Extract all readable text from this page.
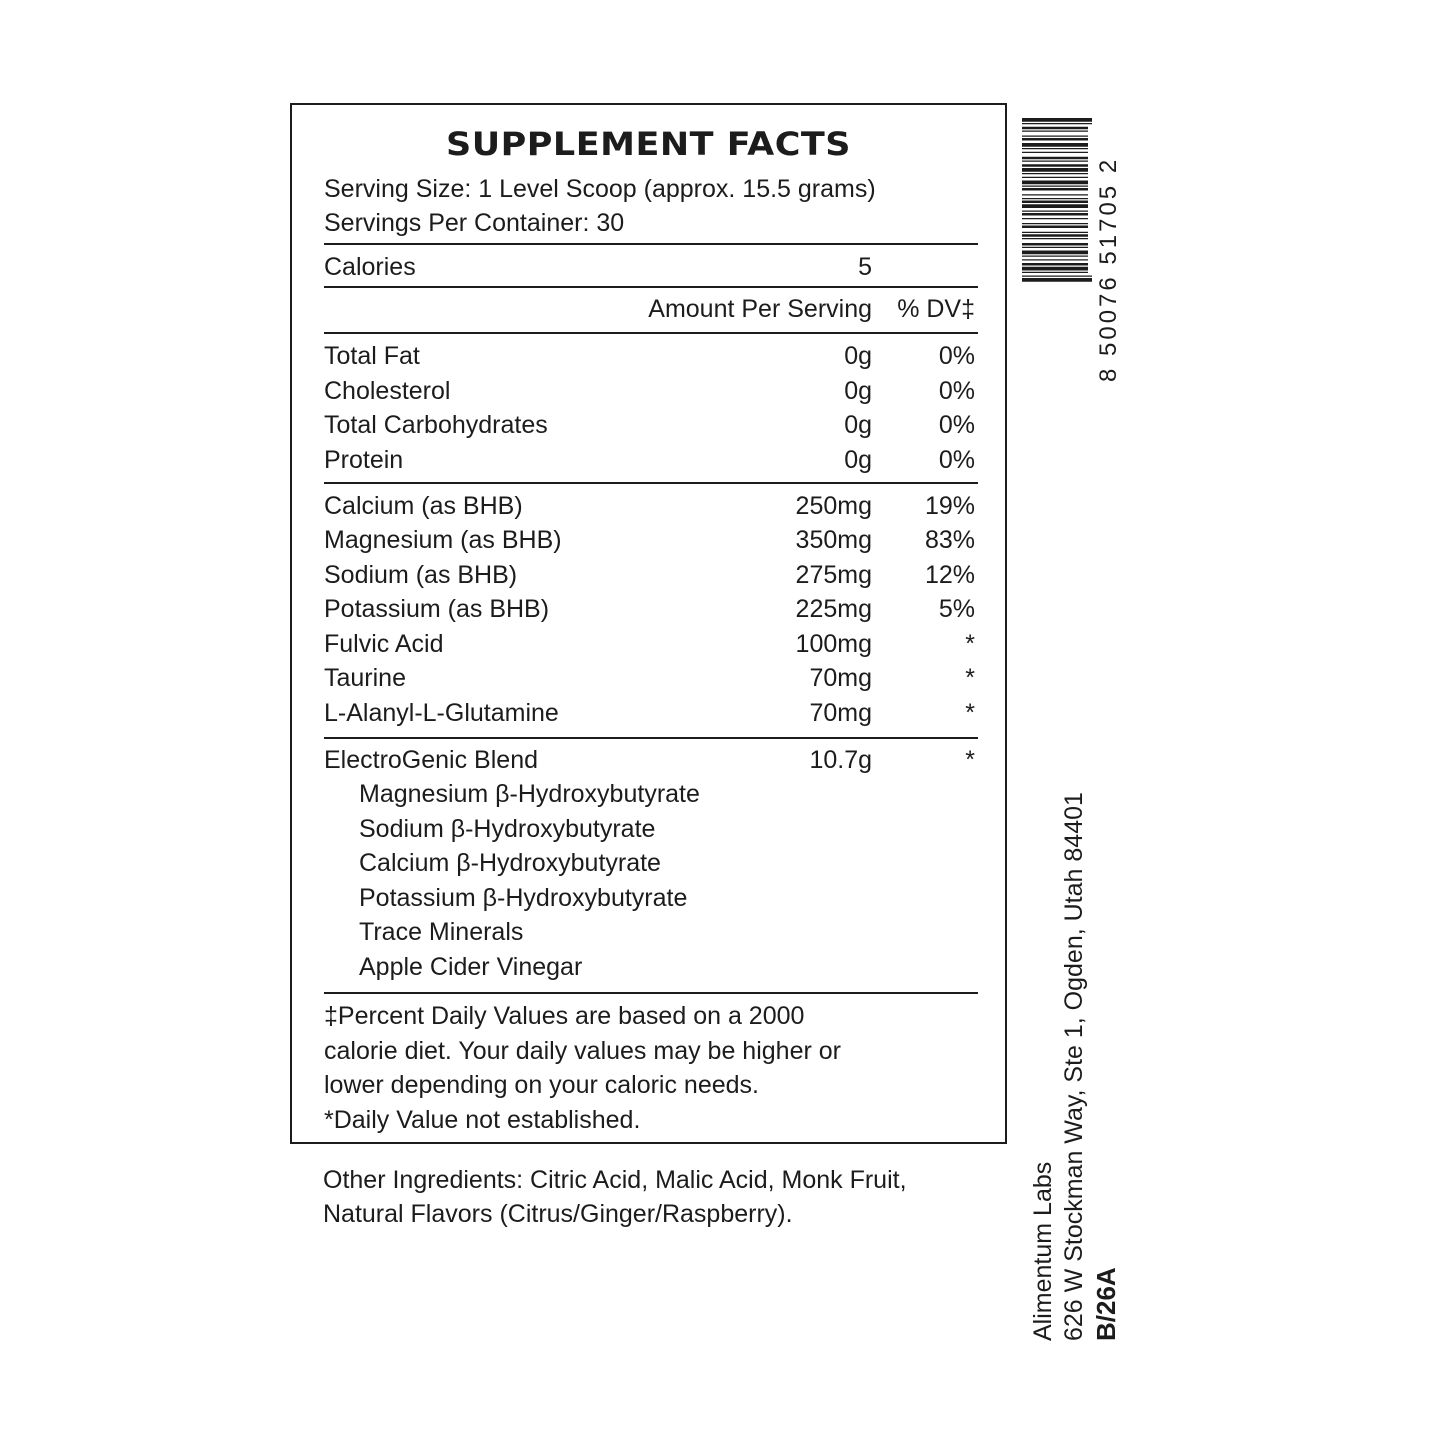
SUPPLEMENT FACTS
Serving Size: 1 Level Scoop (approx. 15.5 grams)
Servings Per Container: 30
Calories	5
Amount Per Serving % DV‡
Total Fat	0g	0%
Cholesterol	0g	0%
Total Carbohydrates	0g	0%
Protein	0g	0%
Calcium (as BHB)	250mg 19%
Magnesium (as BHB)	350mg 83%
Sodium (as BHB)	275mg 12%
Potassium (as BHB)	225mg	5%
Fulvic Acid	100mg	*
Taurine	70mg	*
L-Alanyl-L-Glutamine	70mg	*
ElectroGenic Blend	10.7g	*
Magnesium β-Hydroxybutyrate
Sodium β-Hydroxybutyrate
Calcium β-Hydroxybutyrate
Potassium β-Hydroxybutyrate
Trace Minerals
Apple Cider Vinegar
‡Percent Daily Values are based on a 2000
calorie diet. Your daily values may be higher or
lower depending on your caloric needs.
*Daily Value not established.
Other Ingredients: Citric Acid, Malic Acid, Monk Fruit,
Natural Flavors (Citrus/Ginger/Raspberry).
8 50076 51705 2
Alimentum Labs 626 W Stockman Way, Ste 1, Ogden, Utah 84401 B/26A
